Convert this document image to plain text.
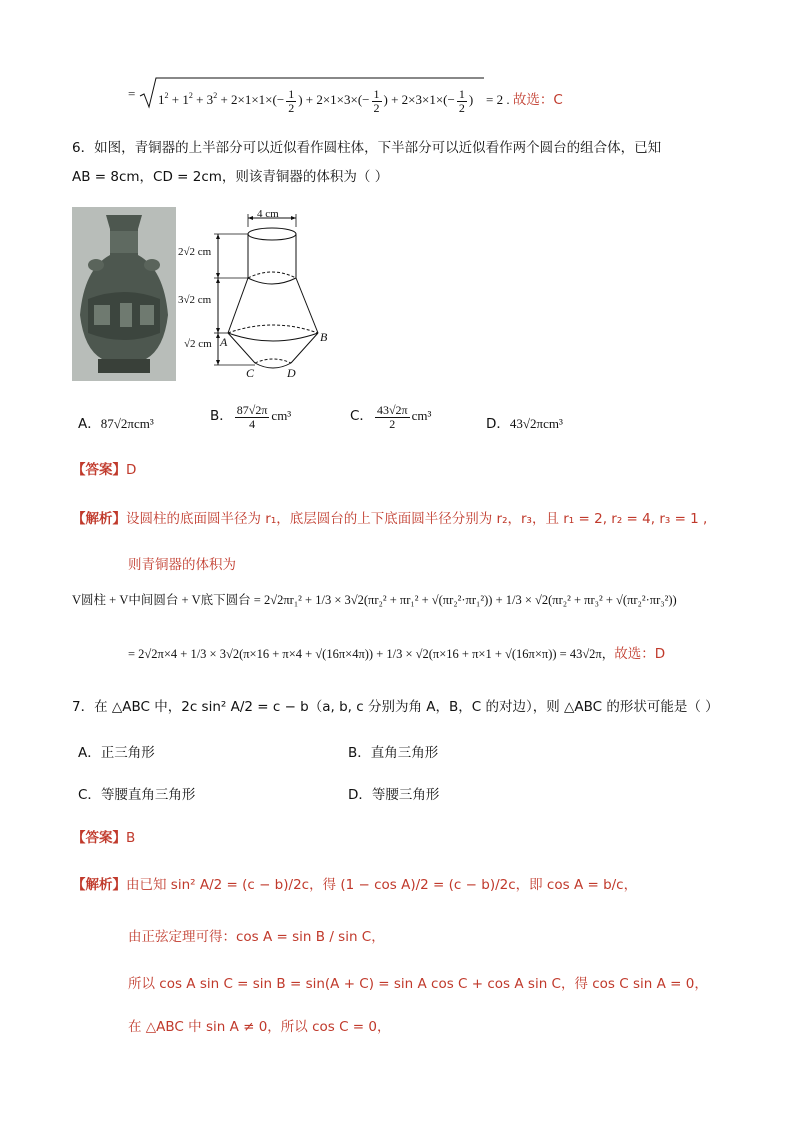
= $1^2 + 1^2 + 3^2 + 2\times 1\times 1\times(- \frac{1}{2}$ ) + $2\times 1\times 3\times(- \frac{1}{2}$ ) + $2\times 3\times 1\times(- \frac{1}{2}$ ) = 2 . 故选：C
6．如图，青铜器的上半部分可以近似看作圆柱体，下半部分可以近似看作两个圆台的组合体，已知
AB = 8cm，CD = 2cm，则该青铜器的体积为（ ）
4 cm
2√2 cm
3√2 cm
√2 cm A	B
C	D
A．87√2πcm³	B． $\frac{87√2\pi}{4} cm^3$	C． $\frac{43√2\pi}{2} cm^3$
D．43√2πcm³
【答案】D
【解析】设圆柱的底面圆半径为 r₁，底层圆台的上下底面圆半径分别为 r₂，r₃，且 r₁ = 2, r₂ = 4, r₃ = 1 ,
则青铜器的体积为
V圆柱 + V中间圆台 + V底下圆台 = 2√2πr₁² + 1/3 × 3√2(πr₂² + πr₁² + √(πr₂²·πr₁²)) + 1/3 × √2(πr₂² + πr₃² + √(πr₂²·πr₃²))
= 2√2π×4 + 1/3 × 3√2(π×16 + π×4 + √(16π×4π)) + 1/3 × √2(π×16 + π×1 + √(16π×π)) = 43√2π，故选：D
7．在 △ABC 中，2c sin² A/2 = c − b（a, b, c 分别为角 A，B，C 的对边），则 △ABC 的形状可能是（ ）
A．正三角形	B．直角三角形
C．等腰直角三角形	D．等腰三角形
【答案】B
【解析】由已知 sin² A/2 = (c − b)/2c，得 (1 − cos A)/2 = (c − b)/2c，即 cos A = b/c，
由正弦定理可得：cos A = sin B / sin C，
所以 cos A sin C = sin B = sin(A + C) = sin A cos C + cos A sin C，得 cos C sin A = 0，
在 △ABC 中 sin A ≠ 0，所以 cos C = 0，
